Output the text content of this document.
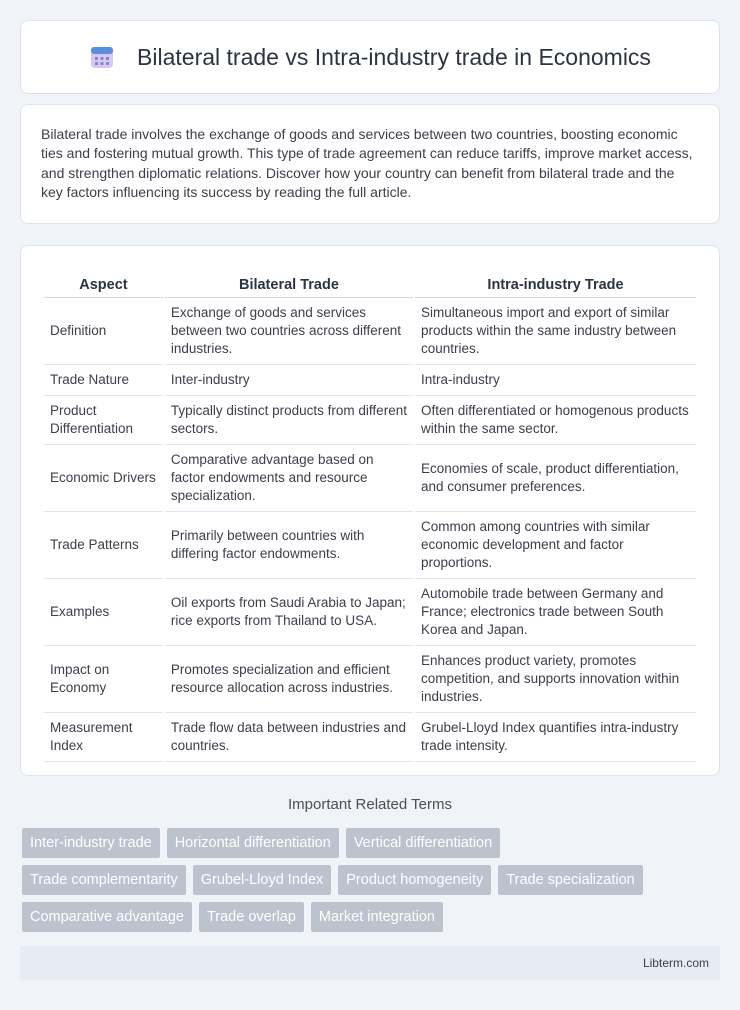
Bilateral trade vs Intra-industry trade in Economics

Bilateral trade involves the exchange of goods and services between two countries, boosting economic ties and fostering mutual growth. This type of trade agreement can reduce tariffs, improve market access, and strengthen diplomatic relations. Discover how your country can benefit from bilateral trade and the key factors influencing its success by reading the full article.

Aspect	Bilateral Trade	Intra-industry Trade
Definition	Exchange of goods and services between two countries across different industries.	Simultaneous import and export of similar products within the same industry between countries.
Trade Nature	Inter-industry	Intra-industry
Product Differentiation	Typically distinct products from different sectors.	Often differentiated or homogenous products within the same sector.
Economic Drivers	Comparative advantage based on factor endowments and resource specialization.	Economies of scale, product differentiation, and consumer preferences.
Trade Patterns	Primarily between countries with differing factor endowments.	Common among countries with similar economic development and factor proportions.
Examples	Oil exports from Saudi Arabia to Japan; rice exports from Thailand to USA.	Automobile trade between Germany and France; electronics trade between South Korea and Japan.
Impact on Economy	Promotes specialization and efficient resource allocation across industries.	Enhances product variety, promotes competition, and supports innovation within industries.
Measurement Index	Trade flow data between industries and countries.	Grubel-Lloyd Index quantifies intra-industry trade intensity.
Important Related Terms
Inter-industry trade	Horizontal differentiation	Vertical differentiation
Trade complementarity	Grubel-Lloyd Index	Product homogeneity	Trade specialization
Comparative advantage	Trade overlap	Market integration
Libterm.com
